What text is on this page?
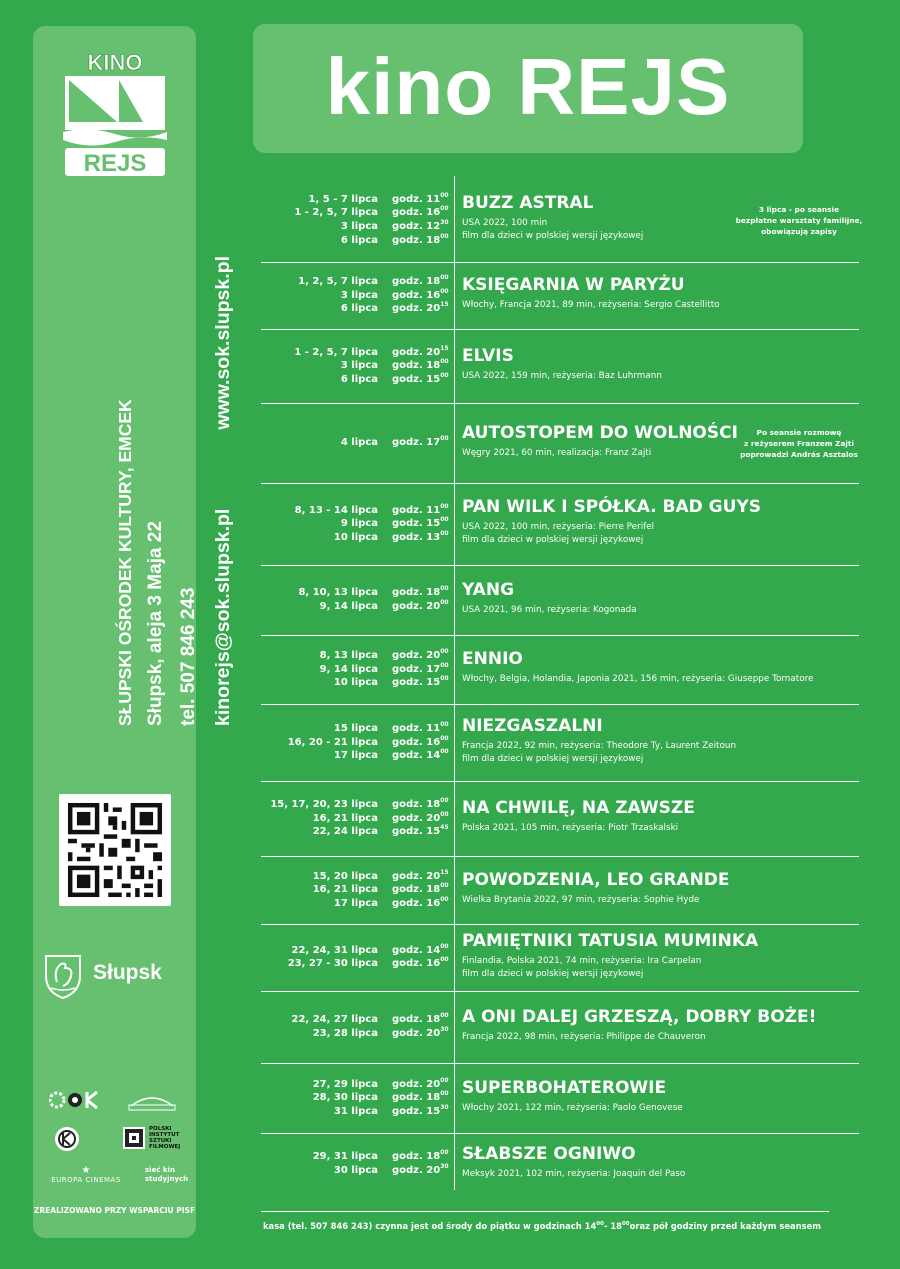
KINO
REJS
SŁUPSKI OŚRODEK KULTURY, EMCEK Słupsk, aleja 3 Maja 22 tel. 507 846 243 kinorejs@sok.slupsk.pl
www.sok.slupsk.pl
Słupsk
POLSKI INSTYTUT SZTUKI FILMOWEJ
★
EUROPA CINEMAS
sieć kin studyjnych
ZREALIZOWANO PRZY WSPARCIU PISF
kino REJS
1, 5 - 7 lipca
1 - 2, 5, 7 lipca
3 lipca
6 lipca
godz. $11^{00}$
godz. $16^{00}$
godz. $12^{30}$
godz. $18^{00}$
BUZZ ASTRAL
USA 2022, 100 min
film dla dzieci w polskiej wersji językowej
3 lipca - po seansie
bezpłatne warsztaty familijne,
obowiązują zapisy
1, 2, 5, 7 lipca
3 lipca
6 lipca
godz. $18^{00}$
godz. $16^{00}$
godz. $20^{15}$
KSIĘGARNIA W PARYŻU
Włochy, Francja 2021, 89 min, reżyseria: Sergio Castellitto
1 - 2, 5, 7 lipca
3 lipca
6 lipca
godz. $20^{15}$
godz. $18^{00}$
godz. $15^{00}$
ELVIS
USA 2022, 159 min, reżyseria: Baz Luhrmann
4 lipca godz. $17^{00}$ AUTOSTOPEM DO WOLNOŚCI
Węgry 2021, 60 min, realizacja: Franz Zajti
Po seansie rozmowę
z reżyserem Franzem Zajti
poprowadzi András Asztalos
8, 13 - 14 lipca
9 lipca
10 lipca
godz. $11^{00}$
godz. $15^{00}$
godz. $13^{00}$
PAN WILK I SPÓŁKA. BAD GUYS
USA 2022, 100 min, reżyseria: Pierre Perifel
film dla dzieci w polskiej wersji językowej
8, 10, 13 lipca
9, 14 lipca
godz. $18^{00}$
godz. $20^{00}$
YANG
USA 2021, 96 min, reżyseria: Kogonada
8, 13 lipca
9, 14 lipca
10 lipca
godz. $20^{00}$
godz. $17^{00}$
godz. $15^{00}$
ENNIO
Włochy, Belgia, Holandia, Japonia 2021, 156 min, reżyseria: Giuseppe Tornatore
15 lipca
16, 20 - 21 lipca
17 lipca
godz. $11^{00}$
godz. $16^{00}$
godz. $14^{00}$
NIEZGASZALNI
Francja 2022, 92 min, reżyseria: Theodore Ty, Laurent Zeitoun
film dla dzieci w polskiej wersji językowej
15, 17, 20, 23 lipca
16, 21 lipca
22, 24 lipca
godz. $18^{00}$
godz. $20^{00}$
godz. $15^{45}$
NA CHWILĘ, NA ZAWSZE
Polska 2021, 105 min, reżyseria: Piotr Trzaskalski
15, 20 lipca
16, 21 lipca
17 lipca
godz. $20^{15}$
godz. $18^{00}$
godz. $16^{00}$
POWODZENIA, LEO GRANDE
Wielka Brytania 2022, 97 min, reżyseria: Sophie Hyde
22, 24, 31 lipca
23, 27 - 30 lipca
godz. $14^{00}$
godz. $16^{00}$
PAMIĘTNIKI TATUSIA MUMINKA
Finlandia, Polska 2021, 74 min, reżyseria: Ira Carpelan
film dla dzieci w polskiej wersji językowej
22, 24, 27 lipca
23, 28 lipca
godz. $18^{00}$
godz. $20^{30}$
A ONI DALEJ GRZESZĄ, DOBRY BOŻE!
Francja 2022, 98 min, reżyseria: Philippe de Chauveron
27, 29 lipca
28, 30 lipca
31 lipca
godz. $20^{00}$
godz. $18^{00}$
godz. $15^{30}$
SUPERBOHATEROWIE
Włochy 2021, 122 min, reżyseria: Paolo Genovese
29, 31 lipca
30 lipca
godz. $18^{00}$
godz. $20^{30}$
SŁABSZE OGNIWO
Meksyk 2021, 102 min, reżyseria: Joaquin del Paso
kasa (tel. 507 846 243) czynna jest od środy do piątku w godzinach $14^{00}-$ $18^{00}oraz$ pół godziny przed każdym seansem
